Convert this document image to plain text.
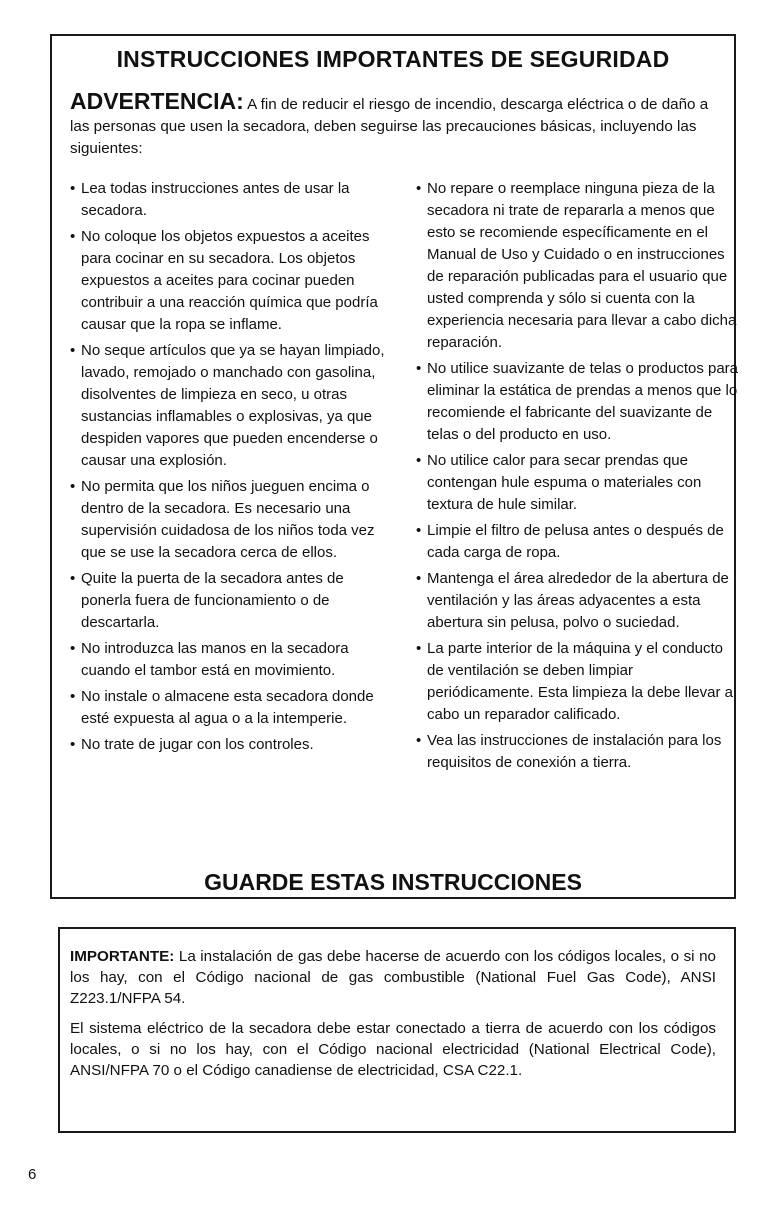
INSTRUCCIONES IMPORTANTES DE SEGURIDAD
ADVERTENCIA: A fin de reducir el riesgo de incendio, descarga eléctrica o de daño a las personas que usen la secadora, deben seguirse las precauciones básicas, incluyendo las siguientes:
• Lea todas instrucciones antes de usar la secadora.
• No coloque los objetos expuestos a aceites para cocinar en su secadora. Los objetos expuestos a aceites para cocinar pueden contribuir a una reacción química que podría causar que la ropa se inflame.
• No seque artículos que ya se hayan limpiado, lavado, remojado o manchado con gasolina, disolventes de limpieza en seco, u otras sustancias inflamables o explosivas, ya que despiden vapores que pueden encenderse o causar una explosión.
• No permita que los niños jueguen encima o dentro de la secadora. Es necesario una supervisión cuidadosa de los niños toda vez que se use la secadora cerca de ellos.
• Quite la puerta de la secadora antes de ponerla fuera de funcionamiento o de descartarla.
• No introduzca las manos en la secadora cuando el tambor está en movimiento.
• No instale o almacene esta secadora donde esté expuesta al agua o a la intemperie.
• No trate de jugar con los controles.
• No repare o reemplace ninguna pieza de la secadora ni trate de repararla a menos que esto se recomiende específicamente en el Manual de Uso y Cuidado o en instrucciones de reparación publicadas para el usuario que usted comprenda y sólo si cuenta con la experiencia necesaria para llevar a cabo dicha reparación.
• No utilice suavizante de telas o productos para eliminar la estática de prendas a menos que lo recomiende el fabricante del suavizante de telas o del producto en uso.
• No utilice calor para secar prendas que contengan hule espuma o materiales con textura de hule similar.
• Limpie el filtro de pelusa antes o después de cada carga de ropa.
• Mantenga el área alrededor de la abertura de ventilación y las áreas adyacentes a esta abertura sin pelusa, polvo o suciedad.
• La parte interior de la máquina y el conducto de ventilación se deben limpiar periódicamente. Esta limpieza la debe llevar a cabo un reparador calificado.
• Vea las instrucciones de instalación para los requisitos de conexión a tierra.
GUARDE ESTAS INSTRUCCIONES

IMPORTANTE: La instalación de gas debe hacerse de acuerdo con los códigos locales, o si no los hay, con el Código nacional de gas combustible (National Fuel Gas Code), ANSI Z223.1/NFPA 54.

El sistema eléctrico de la secadora debe estar conectado a tierra de acuerdo con los códigos locales, o si no los hay, con el Código nacional electricidad (National Electrical Code), ANSI/NFPA 70 o el Código canadiense de electricidad, CSA C22.1.

6
